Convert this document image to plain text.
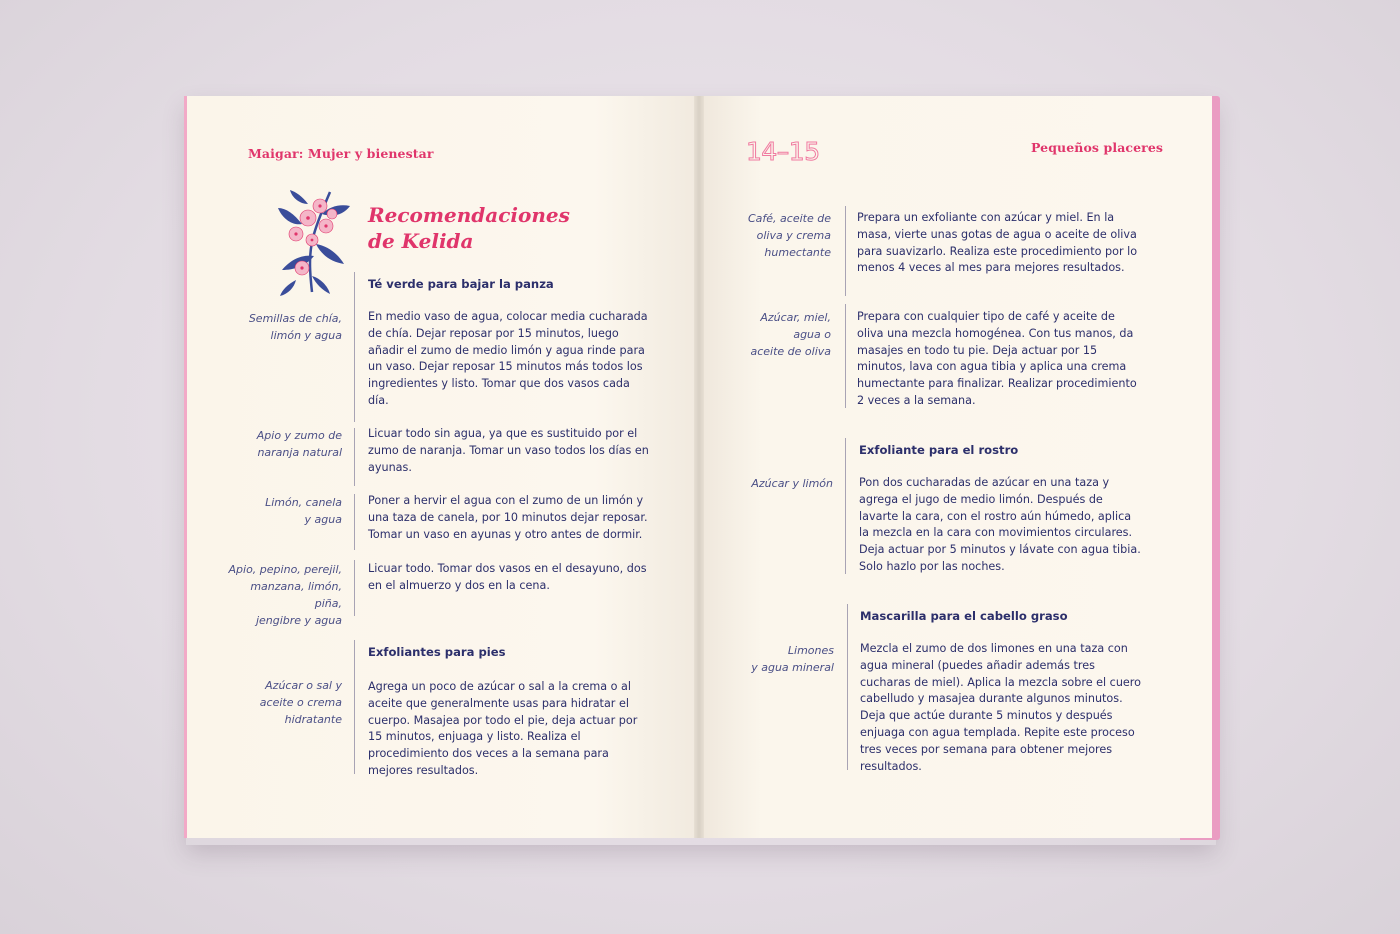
Maigar: Mujer y bienestar
Recomendaciones
de Kelida
Té verde para bajar la panza
Semillas de chía,
limón y agua
En medio vaso de agua, colocar media cucharada de chía. Dejar reposar por 15 minutos, luego añadir el zumo de medio limón y agua rinde para un vaso. Dejar reposar 15 minutos más todos los ingredientes y listo. Tomar que dos vasos cada día.
Apio y zumo de
naranja natural
Licuar todo sin agua, ya que es sustituido por el zumo de naranja. Tomar un vaso todos los días en ayunas.
Limón, canela
y agua
Poner a hervir el agua con el zumo de un limón y una taza de canela, por 10 minutos dejar reposar. Tomar un vaso en ayunas y otro antes de dormir.
Apio, pepino, perejil,
manzana, limón, piña,
jengibre y agua
Licuar todo. Tomar dos vasos en el desayuno, dos en el almuerzo y dos en la cena.
Exfoliantes para pies
Azúcar o sal y
aceite o crema
hidratante
Agrega un poco de azúcar o sal a la crema o al aceite que generalmente usas para hidratar el cuerpo. Masajea por todo el pie, deja actuar por 15 minutos, enjuaga y listo. Realiza el procedimiento dos veces a la semana para mejores resultados.
14–15	Pequeños placeres
Café, aceite de
oliva y crema
humectante
Prepara un exfoliante con azúcar y miel. En la masa, vierte unas gotas de agua o aceite de oliva para suavizarlo. Realiza este procedimiento por lo menos 4 veces al mes para mejores resultados.
Azúcar, miel,
agua o
aceite de oliva
Prepara con cualquier tipo de café y aceite de oliva una mezcla homogénea. Con tus manos, da masajes en todo tu pie. Deja actuar por 15 minutos, lava con agua tibia y aplica una crema humectante para finalizar. Realizar procedimiento 2 veces a la semana.
Exfoliante para el rostro
Azúcar y limón Pon dos cucharadas de azúcar en una taza y agrega el jugo de medio limón. Después de lavarte la cara, con el rostro aún húmedo, aplica la mezcla en la cara con movimientos circulares. Deja actuar por 5 minutos y lávate con agua tibia. Solo hazlo por las noches.
Mascarilla para el cabello graso
Limones
y agua mineral
Mezcla el zumo de dos limones en una taza con agua mineral (puedes añadir además tres cucharas de miel). Aplica la mezcla sobre el cuero cabelludo y masajea durante algunos minutos. Deja que actúe durante 5 minutos y después enjuaga con agua templada. Repite este proceso tres veces por semana para obtener mejores resultados.
